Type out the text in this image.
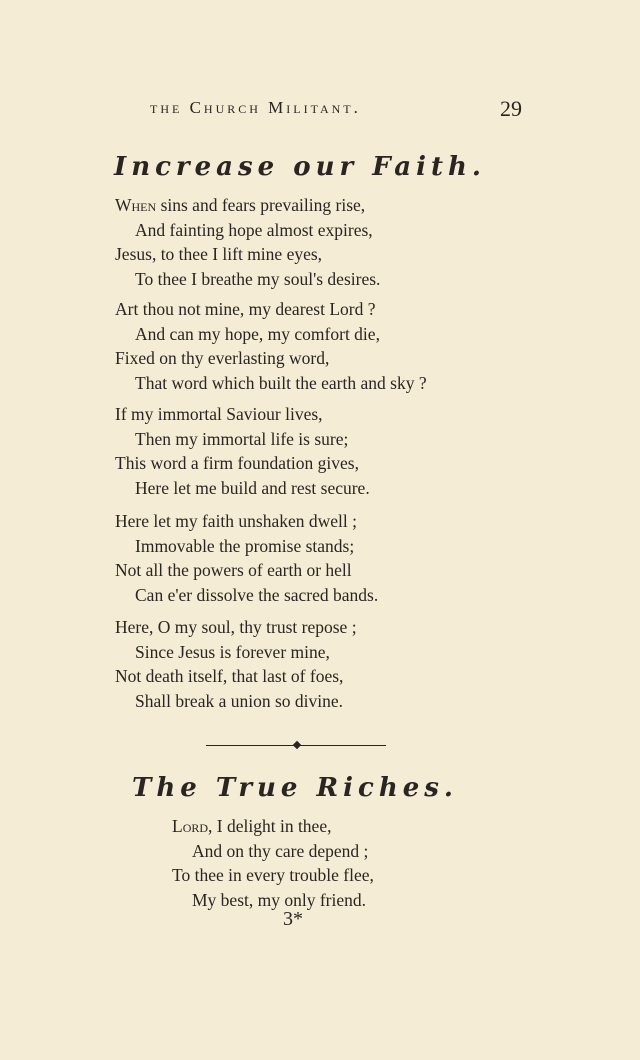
the Church Militant.	29
Increase our Faith.
When sins and fears prevailing rise,
And fainting hope almost expires,
Jesus, to thee I lift mine eyes,
To thee I breathe my soul's desires.
Art thou not mine, my dearest Lord ?
And can my hope, my comfort die,
Fixed on thy everlasting word,
That word which built the earth and sky ?
If my immortal Saviour lives,
Then my immortal life is sure;
This word a firm foundation gives,
Here let me build and rest secure.
Here let my faith unshaken dwell ;
Immovable the promise stands;
Not all the powers of earth or hell
Can e'er dissolve the sacred bands.
Here, O my soul, thy trust repose ;
Since Jesus is forever mine,
Not death itself, that last of foes,
Shall break a union so divine.
The True Riches.
Lord, I delight in thee,
And on thy care depend ;
To thee in every trouble flee,
My best, my only friend.
3*
